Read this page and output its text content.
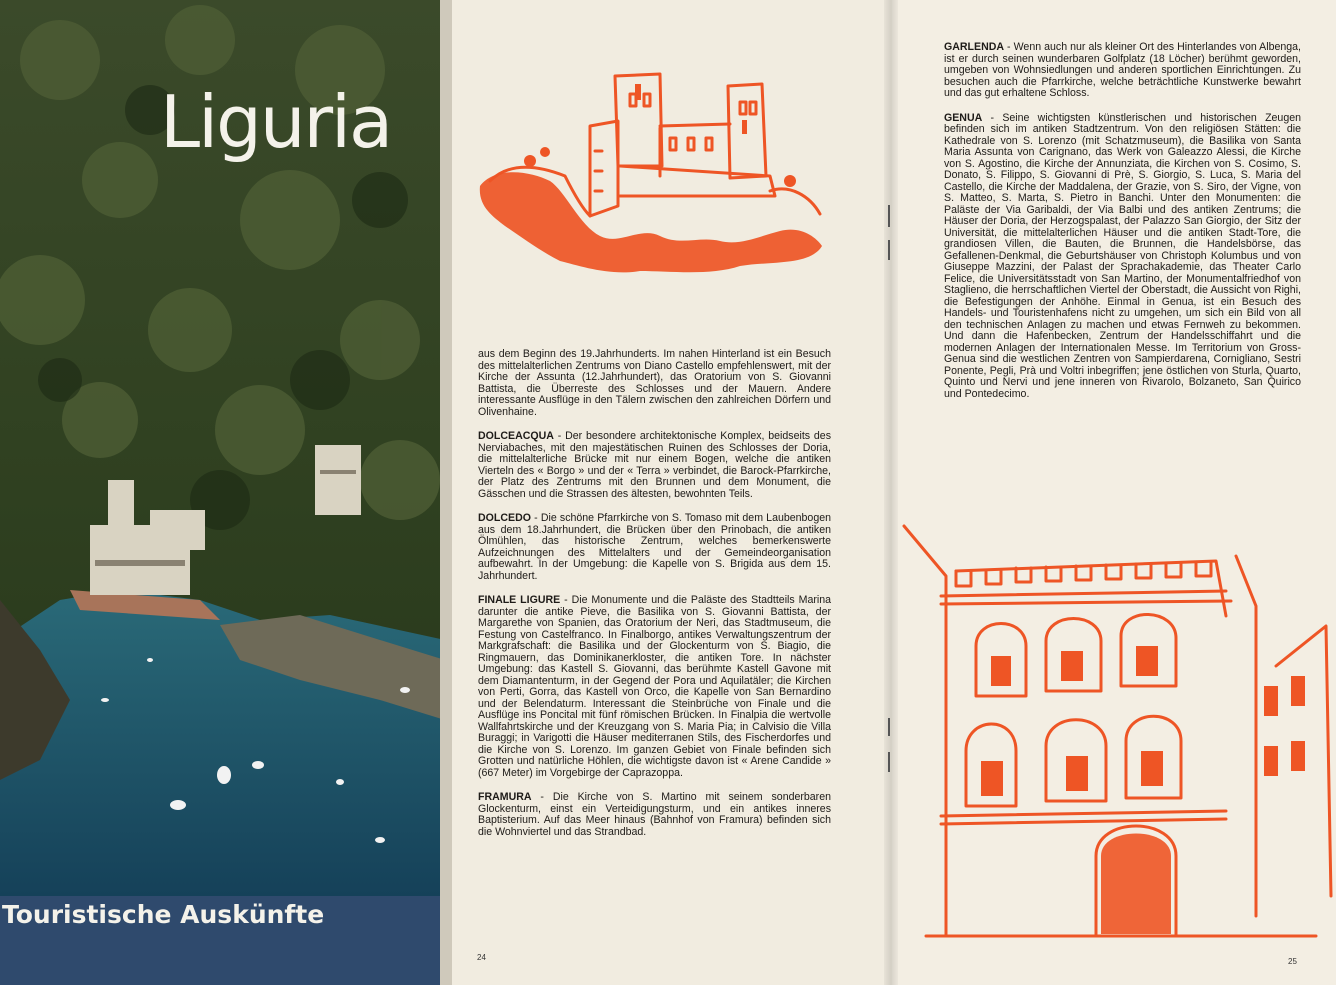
Liguria
Touristische Auskünfte

aus dem Beginn des 19.Jahrhunderts. Im nahen Hinterland ist ein Besuch des mittelalterlichen Zentrums von Diano Castello empfehlenswert, mit der Kirche der Assunta (12.Jahrhundert), das Oratorium von S. Giovanni Battista, die Überreste des Schlosses und der Mauern. Andere interessante Ausflüge in den Tälern zwischen den zahlreichen Dörfern und Olivenhaine.

DOLCEACQUA - Der besondere architektonische Komplex, beidseits des Nerviabaches, mit den majestätischen Ruinen des Schlosses der Doria, die mittelalterliche Brücke mit nur einem Bogen, welche die antiken Vierteln des « Borgo » und der « Terra » verbindet, die Barock-Pfarrkirche, der Platz des Zentrums mit den Brunnen und dem Monument, die Gässchen und die Strassen des ältesten, bewohnten Teils.

DOLCEDO - Die schöne Pfarrkirche von S. Tomaso mit dem Laubenbogen aus dem 18.Jahrhundert, die Brücken über den Prinobach, die antiken Ölmühlen, das historische Zentrum, welches bemerkenswerte Aufzeichnungen des Mittelalters und der Gemeindeorganisation aufbewahrt. In der Umgebung: die Kapelle von S. Brigida aus dem 15. Jahrhundert.

FINALE LIGURE - Die Monumente und die Paläste des Stadtteils Marina darunter die antike Pieve, die Basilika von S. Giovanni Battista, der Margarethe von Spanien, das Oratorium der Neri, das Stadtmuseum, die Festung von Castelfranco. In Finalborgo, antikes Verwaltungszentrum der Markgrafschaft: die Basilika und der Glockenturm von S. Biagio, die Ringmauern, das Dominikanerkloster, die antiken Tore. In nächster Umgebung: das Kastell S. Giovanni, das berühmte Kastell Gavone mit dem Diamantenturm, in der Gegend der Pora und Aquilatäler; die Kirchen von Perti, Gorra, das Kastell von Orco, die Kapelle von San Bernardino und der Belendaturm. Interessant die Steinbrüche von Finale und die Ausflüge ins Poncital mit fünf römischen Brücken. In Finalpia die wertvolle Wallfahrtskirche und der Kreuzgang von S. Maria Pia; in Calvisio die Villa Buraggi; in Varigotti die Häuser mediterranen Stils, des Fischerdorfes und die Kirche von S. Lorenzo. Im ganzen Gebiet von Finale befinden sich Grotten und natürliche Höhlen, die wichtigste davon ist « Arene Candide » (667 Meter) im Vorgebirge der Caprazoppa.

FRAMURA - Die Kirche von S. Martino mit seinem sonderbaren Glockenturm, einst ein Verteidigungsturm, und ein antikes inneres Baptisterium. Auf das Meer hinaus (Bahnhof von Framura) befinden sich die Wohnviertel und das Strandbad.

24

GARLENDA - Wenn auch nur als kleiner Ort des Hinterlandes von Albenga, ist er durch seinen wunderbaren Golfplatz (18 Löcher) berühmt geworden, umgeben von Wohnsiedlungen und anderen sportlichen Einrichtungen. Zu besuchen auch die Pfarrkirche, welche beträchtliche Kunstwerke bewahrt und das gut erhaltene Schloss.

GENUA - Seine wichtigsten künstlerischen und historischen Zeugen befinden sich im antiken Stadtzentrum. Von den religiösen Stätten: die Kathedrale von S. Lorenzo (mit Schatzmuseum), die Basilika von Santa Maria Assunta von Carignano, das Werk von Galeazzo Alessi, die Kirche von S. Agostino, die Kirche der Annunziata, die Kirchen von S. Cosimo, S. Donato, S. Filippo, S. Giovanni di Prè, S. Giorgio, S. Luca, S. Maria del Castello, die Kirche der Maddalena, der Grazie, von S. Siro, der Vigne, von S. Matteo, S. Marta, S. Pietro in Banchi. Unter den Monumenten: die Paläste der Via Garibaldi, der Via Balbi und des antiken Zentrums; die Häuser der Doria, der Herzogspalast, der Palazzo San Giorgio, der Sitz der Universität, die mittelalterlichen Häuser und die antiken Stadt-Tore, die grandiosen Villen, die Bauten, die Brunnen, die Handelsbörse, das Gefallenen-Denkmal, die Geburtshäuser von Christoph Kolumbus und von Giuseppe Mazzini, der Palast der Sprachakademie, das Theater Carlo Felice, die Universitätsstadt von San Martino, der Monumentalfriedhof von Staglieno, die herrschaftlichen Viertel der Oberstadt, die Aussicht von Righi, die Befestigungen der Anhöhe. Einmal in Genua, ist ein Besuch des Handels- und Touristenhafens nicht zu umgehen, um sich ein Bild von all den technischen Anlagen zu machen und etwas Fernweh zu bekommen. Und dann die Hafenbecken, Zentrum der Handelsschiffahrt und die modernen Anlagen der Internationalen Messe. Im Territorium von Gross-Genua sind die westlichen Zentren von Sampierdarena, Cornigliano, Sestri Ponente, Pegli, Prà und Voltri inbegriffen; jene östlichen von Sturla, Quarto, Quinto und Nervi und jene inneren von Rivarolo, Bolzaneto, San Quirico und Pontedecimo.

25
